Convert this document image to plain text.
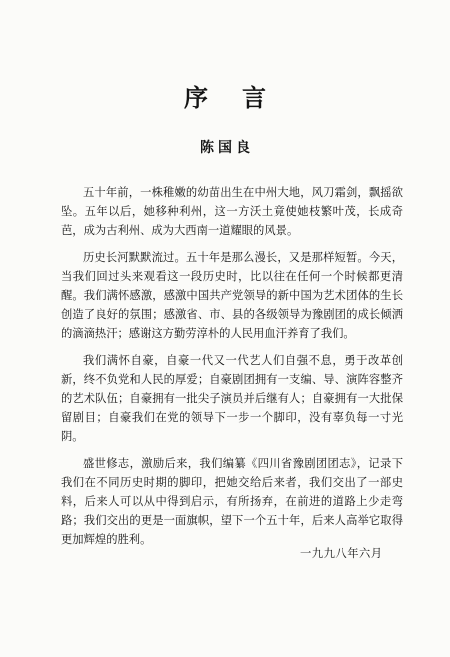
序言
陈国良

五十年前，一株稚嫩的幼苗出生在中州大地，风刀霜剑，飘摇欲坠。五年以后，她移种利州，这一方沃土竟使她枝繁叶茂，长成奇芭，成为古利州、成为大西南一道耀眼的风景。

历史长河默默流过。五十年是那么漫长，又是那样短暂。今天，当我们回过头来观看这一段历史时，比以往在任何一个时候都更清醒。我们满怀感激，感激中国共产党领导的新中国为艺术团体的生长创造了良好的氛围；感激省、市、县的各级领导为豫剧团的成长倾洒的滴滴热汗；感谢这方勤劳淳朴的人民用血汗养育了我们。

我们满怀自豪，自豪一代又一代艺人们自强不息，勇于改革创新，终不负党和人民的厚爱；自豪剧团拥有一支编、导、演阵容整齐的艺术队伍；自豪拥有一批尖子演员并后继有人；自豪拥有一大批保留剧目；自豪我们在党的领导下一步一个脚印，没有辜负每一寸光阴。

盛世修志，激励后来，我们编纂《四川省豫剧团团志》，记录下我们在不同历史时期的脚印，把她交给后来者，我们交出了一部史料，后来人可以从中得到启示，有所扬弃，在前进的道路上少走弯路；我们交出的更是一面旗帜，望下一个五十年，后来人高举它取得更加辉煌的胜利。

一九九八年六月
